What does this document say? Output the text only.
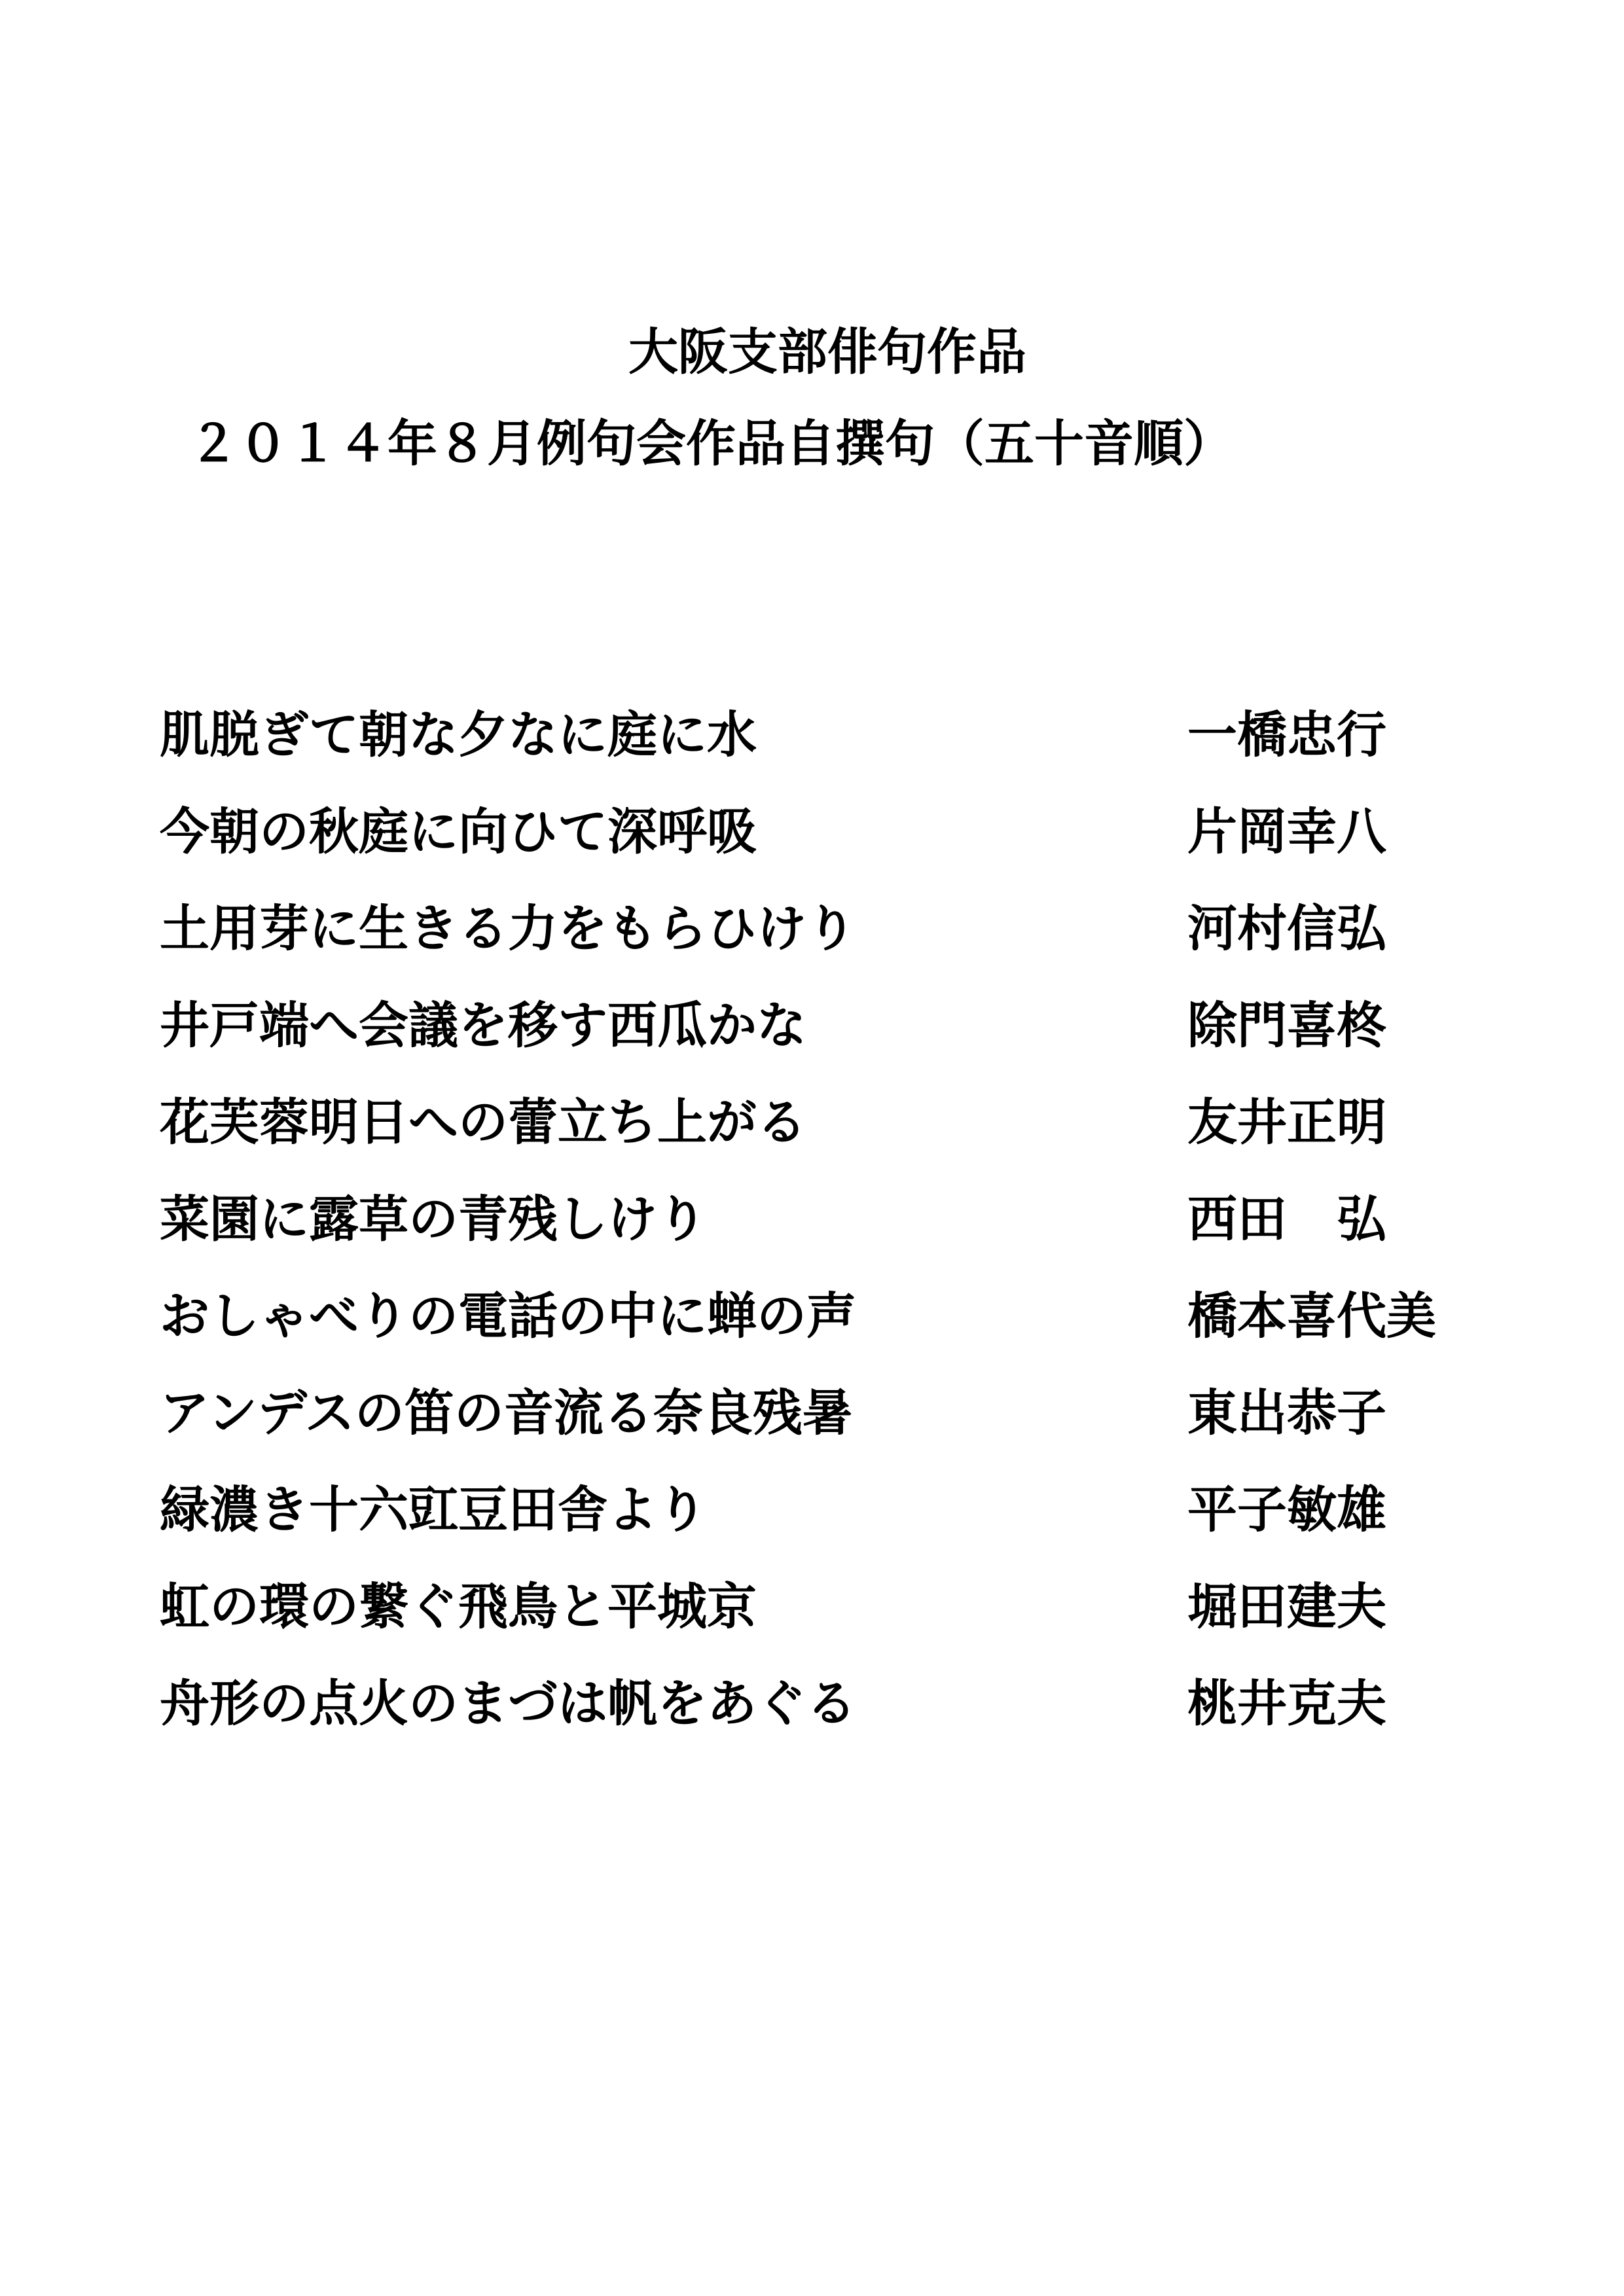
大阪支部俳句作品
２０１４年８月例句会作品自撰句（五十音順）
肌脱ぎて朝な夕なに庭に水	一橋忠行
今朝の秋庭に向ひて深呼吸	片岡幸八
土用芽に生きる力をもらひけり	河村信弘
井戸端へ会議を移す西瓜かな	除門喜柊
花芙蓉明日への蕾立ち上がる	友井正明
菜園に露草の青残しけり	西田　弘
おしゃべりの電話の中に蝉の声	橋本喜代美
アンデスの笛の音流る奈良残暑	東出恭子
緑濃き十六豇豆田舎より	平子敏雄
虹の環の繋ぐ飛鳥と平城京	堀田建夫
舟形の点火のまづは帆をあぐる	桃井克夫
